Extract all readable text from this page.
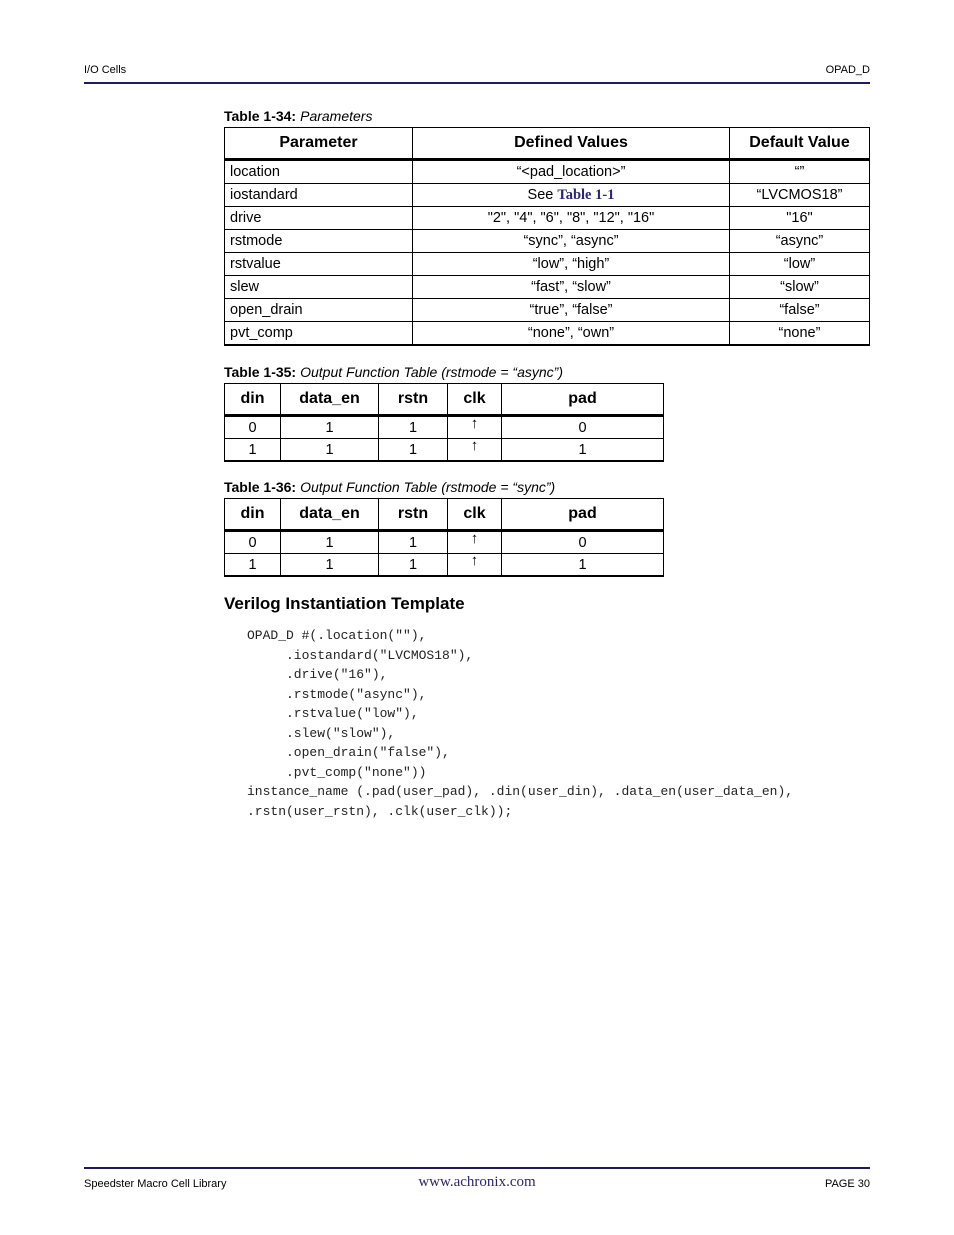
I/O Cells	OPAD_D
Table 1-34: Parameters
Parameter	Defined Values	Default Value
location	“<pad_location>”	“”
iostandard	See Table 1-1	“LVCMOS18”
drive	"2", "4", "6", "8", "12", "16"	"16"
rstmode	“sync”, “async”	“async”
rstvalue	“low”, “high”	“low”
slew	“fast”, “slow”	“slow”
open_drain	“true”, “false”	“false”
pvt_comp	“none”, “own”	“none”
Table 1-35: Output Function Table (rstmode = “async”)
din	data_en	rstn	clk	pad
0	1	1	↑	0
1	1	1	↑	1
Table 1-36: Output Function Table (rstmode = “sync”)
din	data_en	rstn	clk	pad
0	1	1	↑	0
1	1	1	↑	1
Verilog Instantiation Template
OPAD_D #(.location(""),
.iostandard("LVCMOS18"),
.drive("16"),
.rstmode("async"),
.rstvalue("low"),
.slew("slow"),
.open_drain("false"),
.pvt_comp("none"))
instance_name (.pad(user_pad), .din(user_din), .data_en(user_data_en),
.rstn(user_rstn), .clk(user_clk));
Speedster Macro Cell Library	www.achronix.com	PAGE 30
